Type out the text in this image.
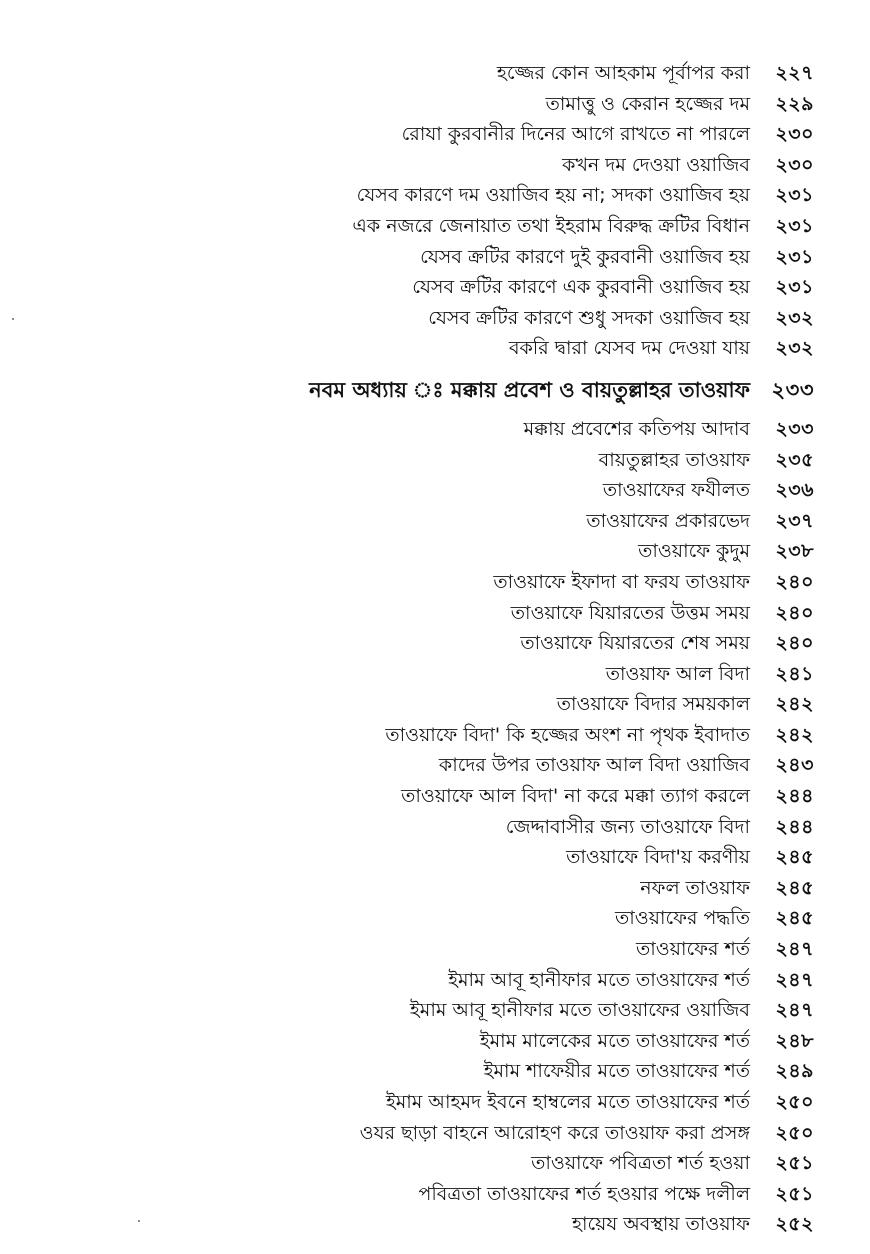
হজ্জের কোন আহকাম পূর্বাপর করা	২২৭
তামাত্তু ও কেরান হজ্জের দম	২২৯
রোযা কুরবানীর দিনের আগে রাখতে না পারলে	২৩০
কখন দম দেওয়া ওয়াজিব	২৩০
যেসব কারণে দম ওয়াজিব হয় না; সদকা ওয়াজিব হয়	২৩১
এক নজরে জেনায়াত তথা ইহরাম বিরুদ্ধ ক্রটির বিধান	২৩১
যেসব ক্রটির কারণে দুই কুরবানী ওয়াজিব হয়	২৩১
যেসব ক্রটির কারণে এক কুরবানী ওয়াজিব হয়	২৩১
যেসব ক্রটির কারণে শুধু সদকা ওয়াজিব হয়	২৩২
বকরি দ্বারা যেসব দম দেওয়া যায়	২৩২
নবম অধ্যায় ঃ মক্কায় প্রবেশ ও বায়তুল্লাহর তাওয়াফ	২৩৩
মক্কায় প্রবেশের কতিপয় আদাব	২৩৩
বায়তুল্লাহর তাওয়াফ	২৩৫
তাওয়াফের ফযীলত	২৩৬
তাওয়াফের প্রকারভেদ	২৩৭
তাওয়াফে কুদুম	২৩৮
তাওয়াফে ইফাদা বা ফরয তাওয়াফ	২৪০
তাওয়াফে যিয়ারতের উত্তম সময়	২৪০
তাওয়াফে যিয়ারতের শেষ সময়	২৪০
তাওয়াফ আল বিদা	২৪১
তাওয়াফে বিদার সময়কাল	২৪২
তাওয়াফে বিদা' কি হজ্জের অংশ না পৃথক ইবাদাত	২৪২
কাদের উপর তাওয়াফ আল বিদা ওয়াজিব	২৪৩
তাওয়াফে আল বিদা' না করে মক্কা ত্যাগ করলে	২৪৪
জেদ্দাবাসীর জন্য তাওয়াফে বিদা	২৪৪
তাওয়াফে বিদা'য় করণীয়	২৪৫
নফল তাওয়াফ	২৪৫
তাওয়াফের পদ্ধতি	২৪৫
তাওয়াফের শর্ত	২৪৭
ইমাম আবূ হানীফার মতে তাওয়াফের শর্ত	২৪৭
ইমাম আবূ হানীফার মতে তাওয়াফের ওয়াজিব	২৪৭
ইমাম মালেকের মতে তাওয়াফের শর্ত	২৪৮
ইমাম শাফেয়ীর মতে তাওয়াফের শর্ত	২৪৯
ইমাম আহমদ ইবনে হাম্বলের মতে তাওয়াফের শর্ত	২৫০
ওযর ছাড়া বাহনে আরোহণ করে তাওয়াফ করা প্রসঙ্গ	২৫০
তাওয়াফে পবিত্রতা শর্ত হওয়া	২৫১
পবিত্রতা তাওয়াফের শর্ত হওয়ার পক্ষে দলীল	২৫১
হায়েয অবস্থায় তাওয়াফ	২৫২
